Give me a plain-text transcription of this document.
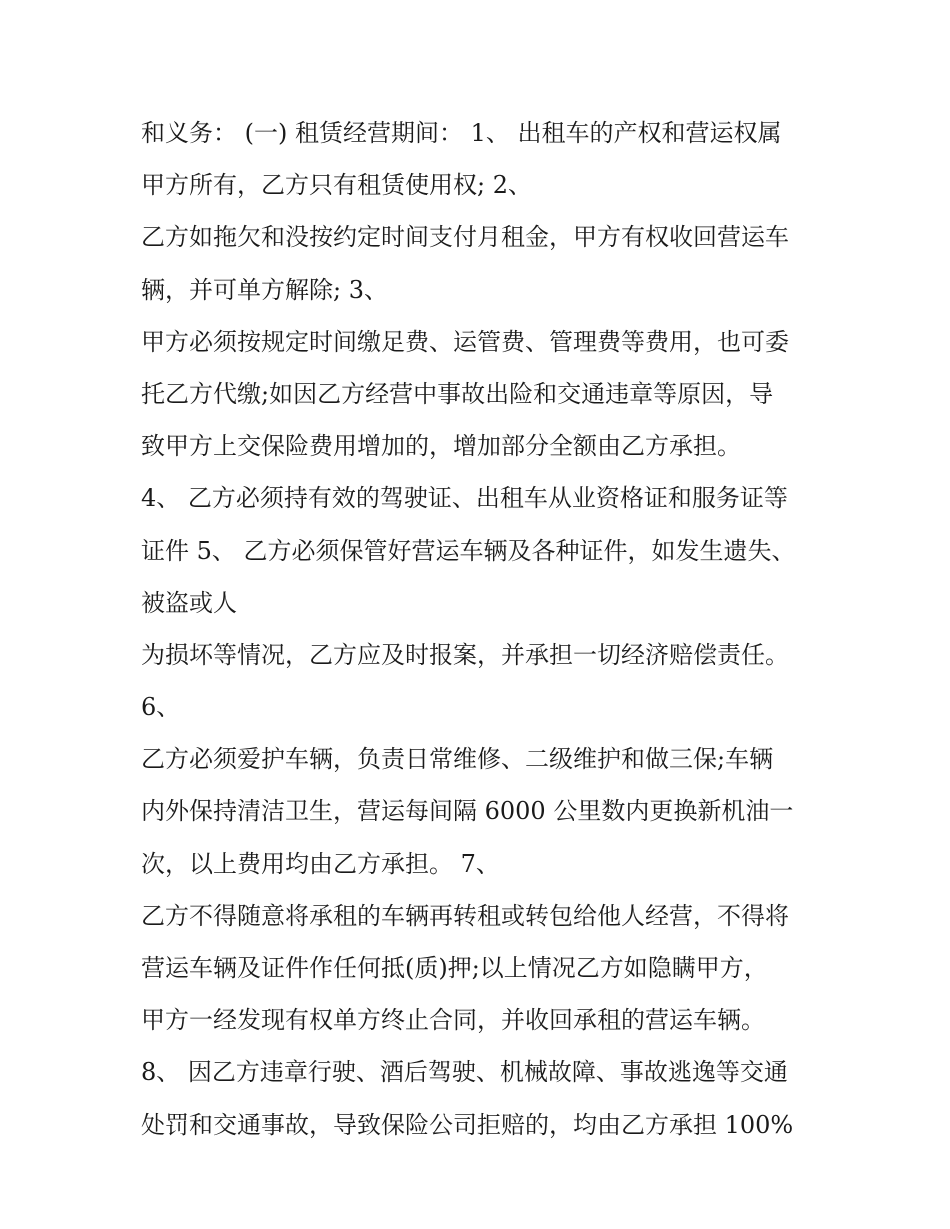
和义务： (一) 租赁经营期间： 1、 出租车的产权和营运权属
甲方所有，乙方只有租赁使用权; 2、
乙方如拖欠和没按约定时间支付月租金，甲方有权收回营运车
辆，并可单方解除; 3、
甲方必须按规定时间缴足费、运管费、管理费等费用，也可委
托乙方代缴;如因乙方经营中事故出险和交通违章等原因，导
致甲方上交保险费用增加的，增加部分全额由乙方承担。
4、 乙方必须持有效的驾驶证、出租车从业资格证和服务证等
证件 5、 乙方必须保管好营运车辆及各种证件，如发生遗失、
被盗或人
为损坏等情况，乙方应及时报案，并承担一切经济赔偿责任。
6、
乙方必须爱护车辆，负责日常维修、二级维护和做三保;车辆
内外保持清洁卫生，营运每间隔 6000 公里数内更换新机油一
次，以上费用均由乙方承担。 7、
乙方不得随意将承租的车辆再转租或转包给他人经营，不得将
营运车辆及证件作任何抵(质)押;以上情况乙方如隐瞒甲方，
甲方一经发现有权单方终止合同，并收回承租的营运车辆。
8、 因乙方违章行驶、酒后驾驶、机械故障、事故逃逸等交通
处罚和交通事故，导致保险公司拒赔的，均由乙方承担 100%
